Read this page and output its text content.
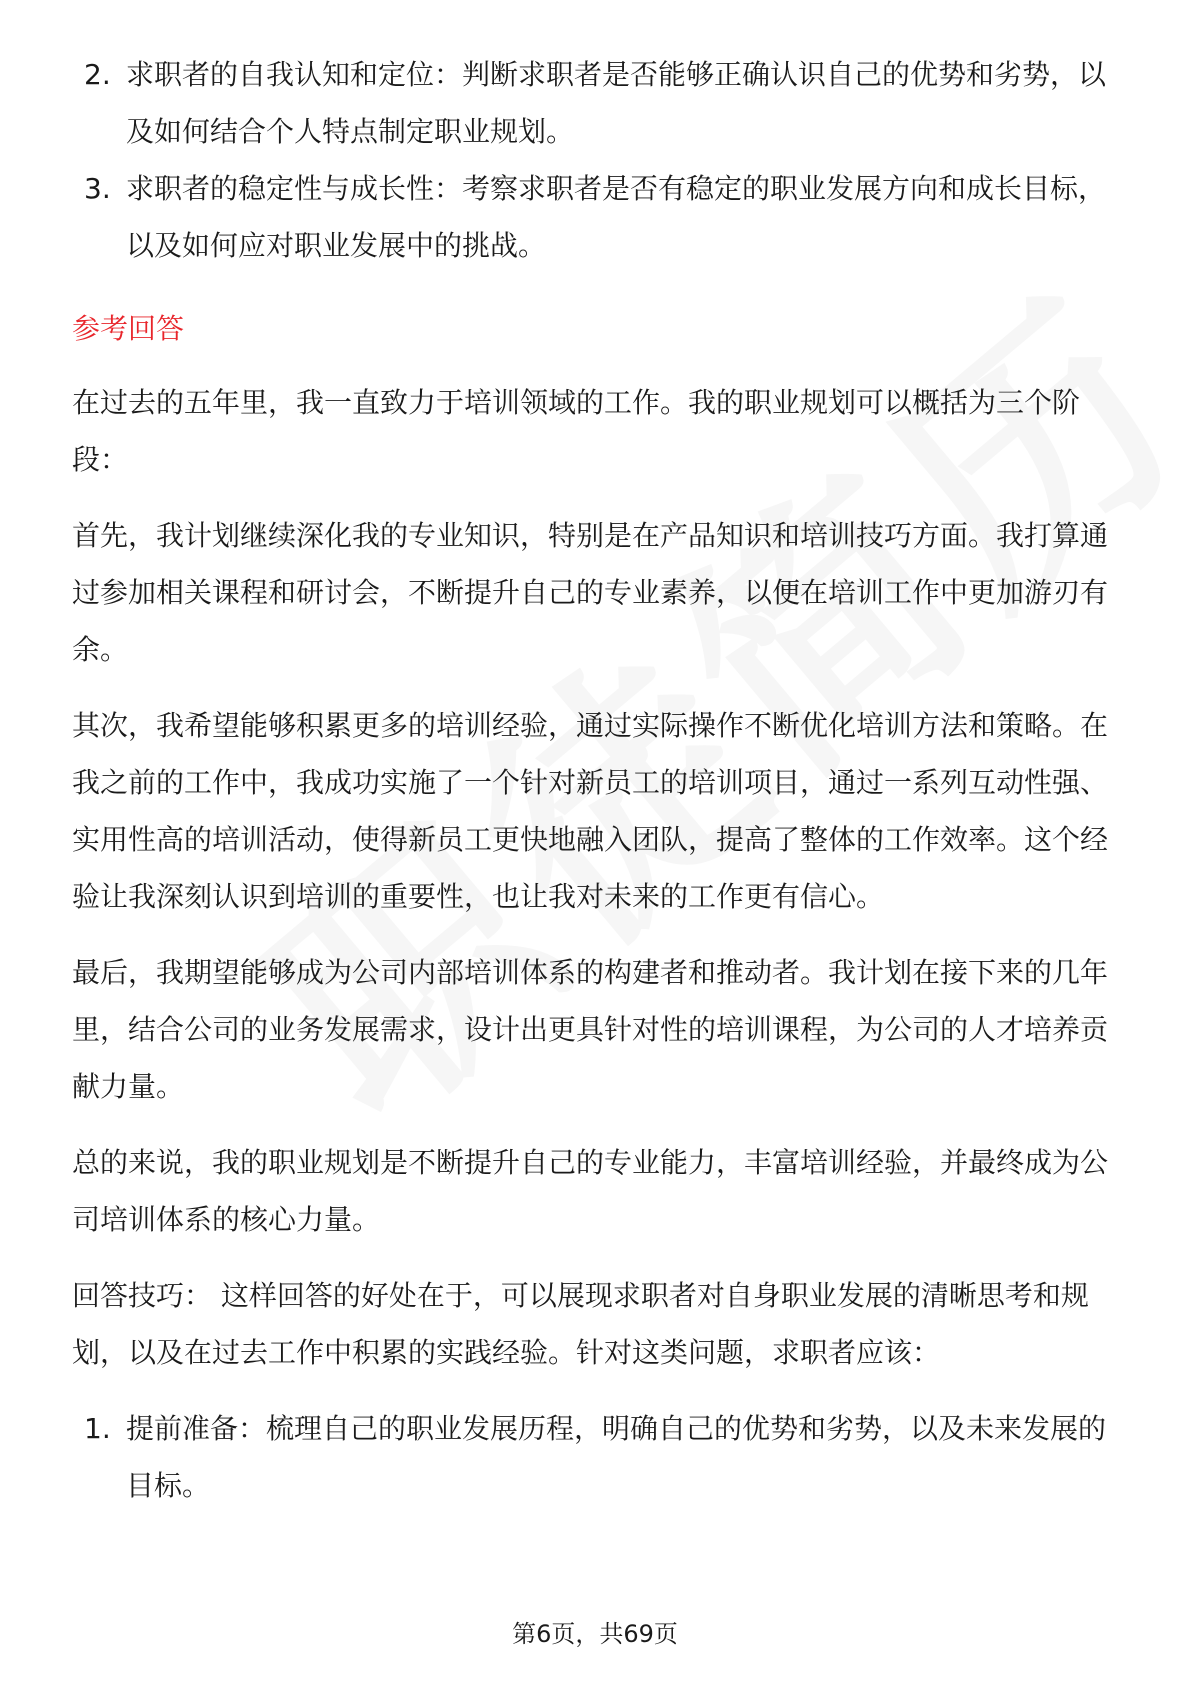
2. 求职者的自我认知和定位：判断求职者是否能够正确认识自己的优势和劣势，以及如何结合个人特点制定职业规划。
3. 求职者的稳定性与成长性：考察求职者是否有稳定的职业发展方向和成长目标，以及如何应对职业发展中的挑战。
参考回答

在过去的五年里，我一直致力于培训领域的工作。我的职业规划可以概括为三个阶段：

首先，我计划继续深化我的专业知识，特别是在产品知识和培训技巧方面。我打算通过参加相关课程和研讨会，不断提升自己的专业素养，以便在培训工作中更加游刃有余。

其次，我希望能够积累更多的培训经验，通过实际操作不断优化培训方法和策略。在我之前的工作中，我成功实施了一个针对新员工的培训项目，通过一系列互动性强、实用性高的培训活动，使得新员工更快地融入团队，提高了整体的工作效率。这个经验让我深刻认识到培训的重要性，也让我对未来的工作更有信心。

最后，我期望能够成为公司内部培训体系的构建者和推动者。我计划在接下来的几年里，结合公司的业务发展需求，设计出更具针对性的培训课程，为公司的人才培养贡献力量。

总的来说，我的职业规划是不断提升自己的专业能力，丰富培训经验，并最终成为公司培训体系的核心力量。

回答技巧： 这样回答的好处在于，可以展现求职者对自身职业发展的清晰思考和规划，以及在过去工作中积累的实践经验。针对这类问题，求职者应该：

1. 提前准备：梳理自己的职业发展历程，明确自己的优势和劣势，以及未来发展的目标。
第6页，共69页
